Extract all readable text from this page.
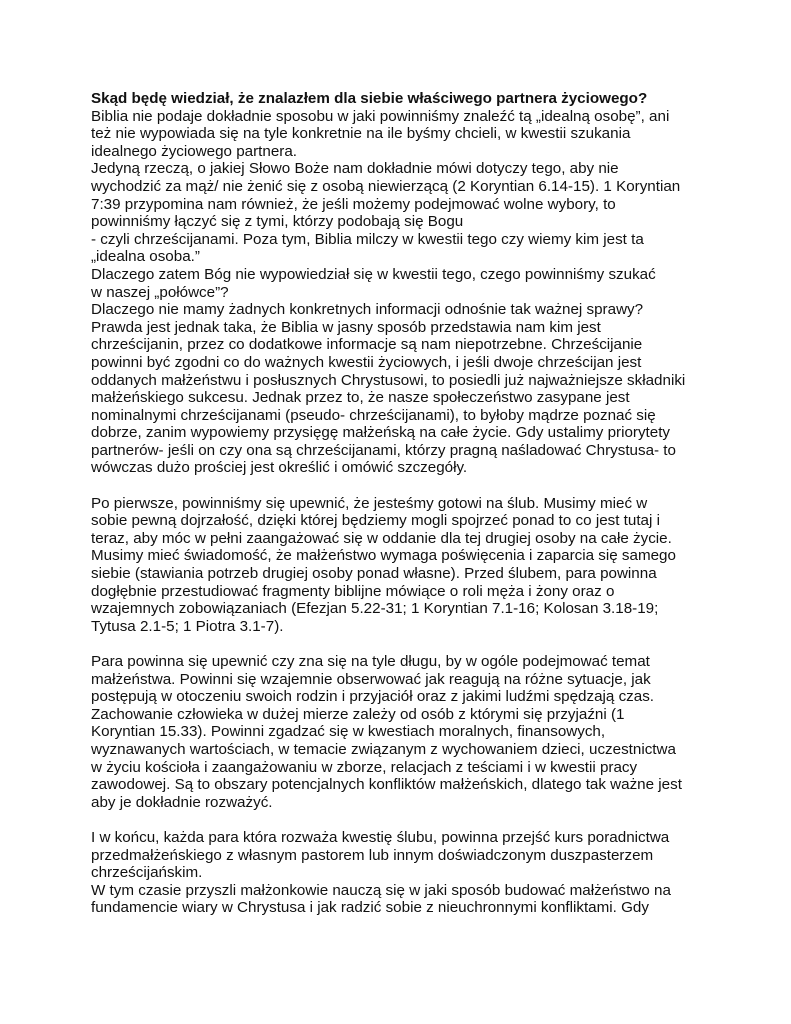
Skąd będę wiedział, że znalazłem dla siebie właściwego partnera życiowego?
Biblia nie podaje dokładnie sposobu w jaki powinniśmy znaleźć tą „idealną osobę”, ani
też nie wypowiada się na tyle konkretnie na ile byśmy chcieli, w kwestii szukania
idealnego życiowego partnera.
Jedyną rzeczą, o jakiej Słowo Boże nam dokładnie mówi dotyczy tego, aby nie
wychodzić za mąż/ nie żenić się z osobą niewierzącą (2 Koryntian 6.14-15). 1 Koryntian
7:39 przypomina nam również, że jeśli możemy podejmować wolne wybory, to
powinniśmy łączyć się z tymi, którzy podobają się Bogu
- czyli chrześcijanami. Poza tym, Biblia milczy w kwestii tego czy wiemy kim jest ta
„idealna osoba.”
Dlaczego zatem Bóg nie wypowiedział się w kwestii tego, czego powinniśmy szukać
w naszej „połówce”?
Dlaczego nie mamy żadnych konkretnych informacji odnośnie tak ważnej sprawy?
Prawda jest jednak taka, że Biblia w jasny sposób przedstawia nam kim jest
chrześcijanin, przez co dodatkowe informacje są nam niepotrzebne. Chrześcijanie
powinni być zgodni co do ważnych kwestii życiowych, i jeśli dwoje chrześcijan jest
oddanych małżeństwu i posłusznych Chrystusowi, to posiedli już najważniejsze składniki
małżeńskiego sukcesu. Jednak przez to, że nasze społeczeństwo zasypane jest
nominalnymi chrześcijanami (pseudo- chrześcijanami), to byłoby mądrze poznać się
dobrze, zanim wypowiemy przysięgę małżeńską na całe życie. Gdy ustalimy priorytety
partnerów- jeśli on czy ona są chrześcijanami, którzy pragną naśladować Chrystusa- to
wówczas dużo prościej jest określić i omówić szczegóły.
Po pierwsze, powinniśmy się upewnić, że jesteśmy gotowi na ślub. Musimy mieć w
sobie pewną dojrzałość, dzięki której będziemy mogli spojrzeć ponad to co jest tutaj i
teraz, aby móc w pełni zaangażować się w oddanie dla tej drugiej osoby na całe życie.
Musimy mieć świadomość, że małżeństwo wymaga poświęcenia i zaparcia się samego
siebie (stawiania potrzeb drugiej osoby ponad własne). Przed ślubem, para powinna
dogłębnie przestudiować fragmenty biblijne mówiące o roli męża i żony oraz o
wzajemnych zobowiązaniach (Efezjan 5.22-31; 1 Koryntian 7.1-16; Kolosan 3.18-19;
Tytusa 2.1-5; 1 Piotra 3.1-7).
Para powinna się upewnić czy zna się na tyle długu, by w ogóle podejmować temat
małżeństwa. Powinni się wzajemnie obserwować jak reagują na różne sytuacje, jak
postępują w otoczeniu swoich rodzin i przyjaciół oraz z jakimi ludźmi spędzają czas.
Zachowanie człowieka w dużej mierze zależy od osób z którymi się przyjaźni (1
Koryntian 15.33). Powinni zgadzać się w kwestiach moralnych, finansowych,
wyznawanych wartościach, w temacie związanym z wychowaniem dzieci, uczestnictwa
w życiu kościoła i zaangażowaniu w zborze, relacjach z teściami i w kwestii pracy
zawodowej. Są to obszary potencjalnych konfliktów małżeńskich, dlatego tak ważne jest
aby je dokładnie rozważyć.
I w końcu, każda para która rozważa kwestię ślubu, powinna przejść kurs poradnictwa
przedmałżeńskiego z własnym pastorem lub innym doświadczonym duszpasterzem
chrześcijańskim.
W tym czasie przyszli małżonkowie nauczą się w jaki sposób budować małżeństwo na
fundamencie wiary w Chrystusa i jak radzić sobie z nieuchronnymi konfliktami. Gdy
